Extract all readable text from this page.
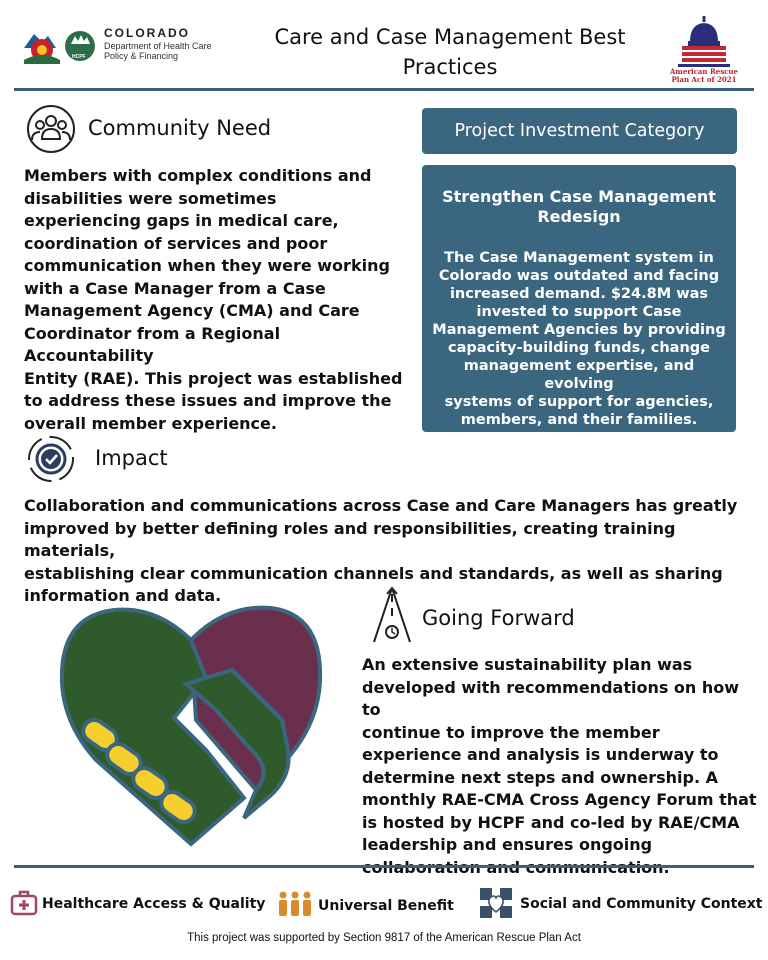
COLORADO
Department of Health Care Policy & Financing
HCPF
Care and Case Management Best
Practices	American Rescue
Plan Act of 2021
Community Need
Members with complex conditions and
disabilities were sometimes
experiencing gaps in medical care,
coordination of services and poor
communication when they were working
with a Case Manager from a Case
Management Agency (CMA) and Care
Coordinator from a Regional Accountability
Entity (RAE). This project was established
to address these issues and improve the
overall member experience.
Project Investment Category
Strengthen Case Management
Redesign
The Case Management system in
Colorado was outdated and facing
increased demand. $24.8M was
invested to support Case
Management Agencies by providing
capacity-building funds, change
management expertise, and evolving
systems of support for agencies,
members, and their families.
Impact
Collaboration and communications across Case and Care Managers has greatly
improved by better defining roles and responsibilities, creating training materials,
establishing clear communication channels and standards, as well as sharing
information and data.
Going Forward
An extensive sustainability plan was
developed with recommendations on how to
continue to improve the member
experience and analysis is underway to
determine next steps and ownership. A
monthly RAE-CMA Cross Agency Forum that
is hosted by HCPF and co-led by RAE/CMA
leadership and ensures ongoing
Healthcare Access & Quality	Universal Benefit	Social and Community Context
This project was supported by Section 9817 of the American Rescue Plan Act
